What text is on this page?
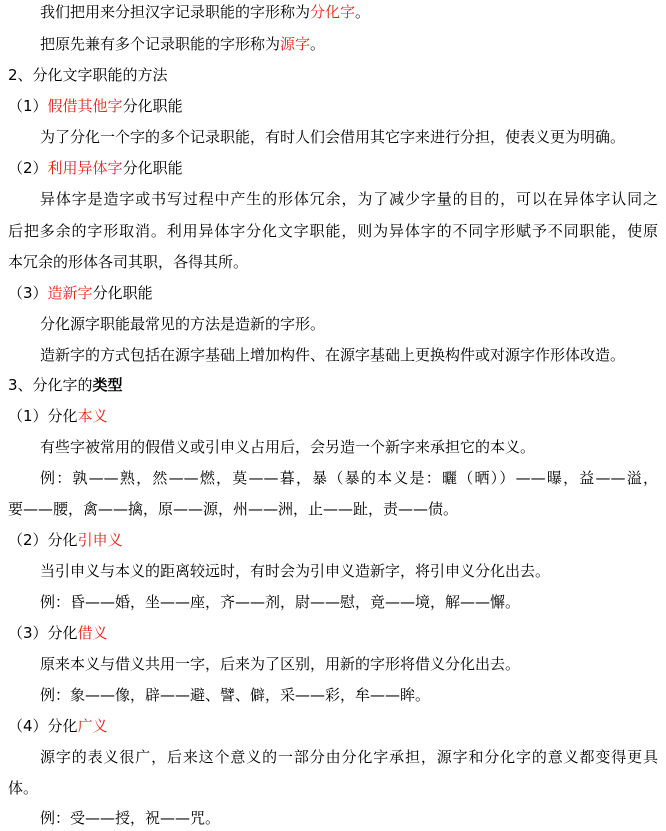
我们把用来分担汉字记录职能的字形称为分化字。
把原先兼有多个记录职能的字形称为源字。
2、分化文字职能的方法
（1）假借其他字分化职能
为了分化一个字的多个记录职能，有时人们会借用其它字来进行分担，使表义更为明确。
（2）利用异体字分化职能
异体字是造字或书写过程中产生的形体冗余，为了减少字量的目的，可以在异体字认同之
后把多余的字形取消。利用异体字分化文字职能，则为异体字的不同字形赋予不同职能，使原
本冗余的形体各司其职，各得其所。
（3）造新字分化职能
分化源字职能最常见的方法是造新的字形。
造新字的方式包括在源字基础上增加构件、在源字基础上更换构件或对源字作形体改造。
3、分化字的类型
（1）分化本义
有些字被常用的假借义或引申义占用后，会另造一个新字来承担它的本义。
例：孰——熟，然——燃，莫——暮，暴（暴的本义是：曬（晒））——曝，益——溢，
要——腰，禽——擒，原——源，州——洲，止——趾，责——债。
（2）分化引申义
当引申义与本义的距离较远时，有时会为引申义造新字，将引申义分化出去。
例：昏——婚，坐——座，齐——剂，尉——慰，竟——境，解——懈。
（3）分化借义
原来本义与借义共用一字，后来为了区别，用新的字形将借义分化出去。
例：象——像，辟——避、譬、僻，采——彩，牟——眸。
（4）分化广义
源字的表义很广，后来这个意义的一部分由分化字承担，源字和分化字的意义都变得更具
体。
例：受——授，祝——咒。
